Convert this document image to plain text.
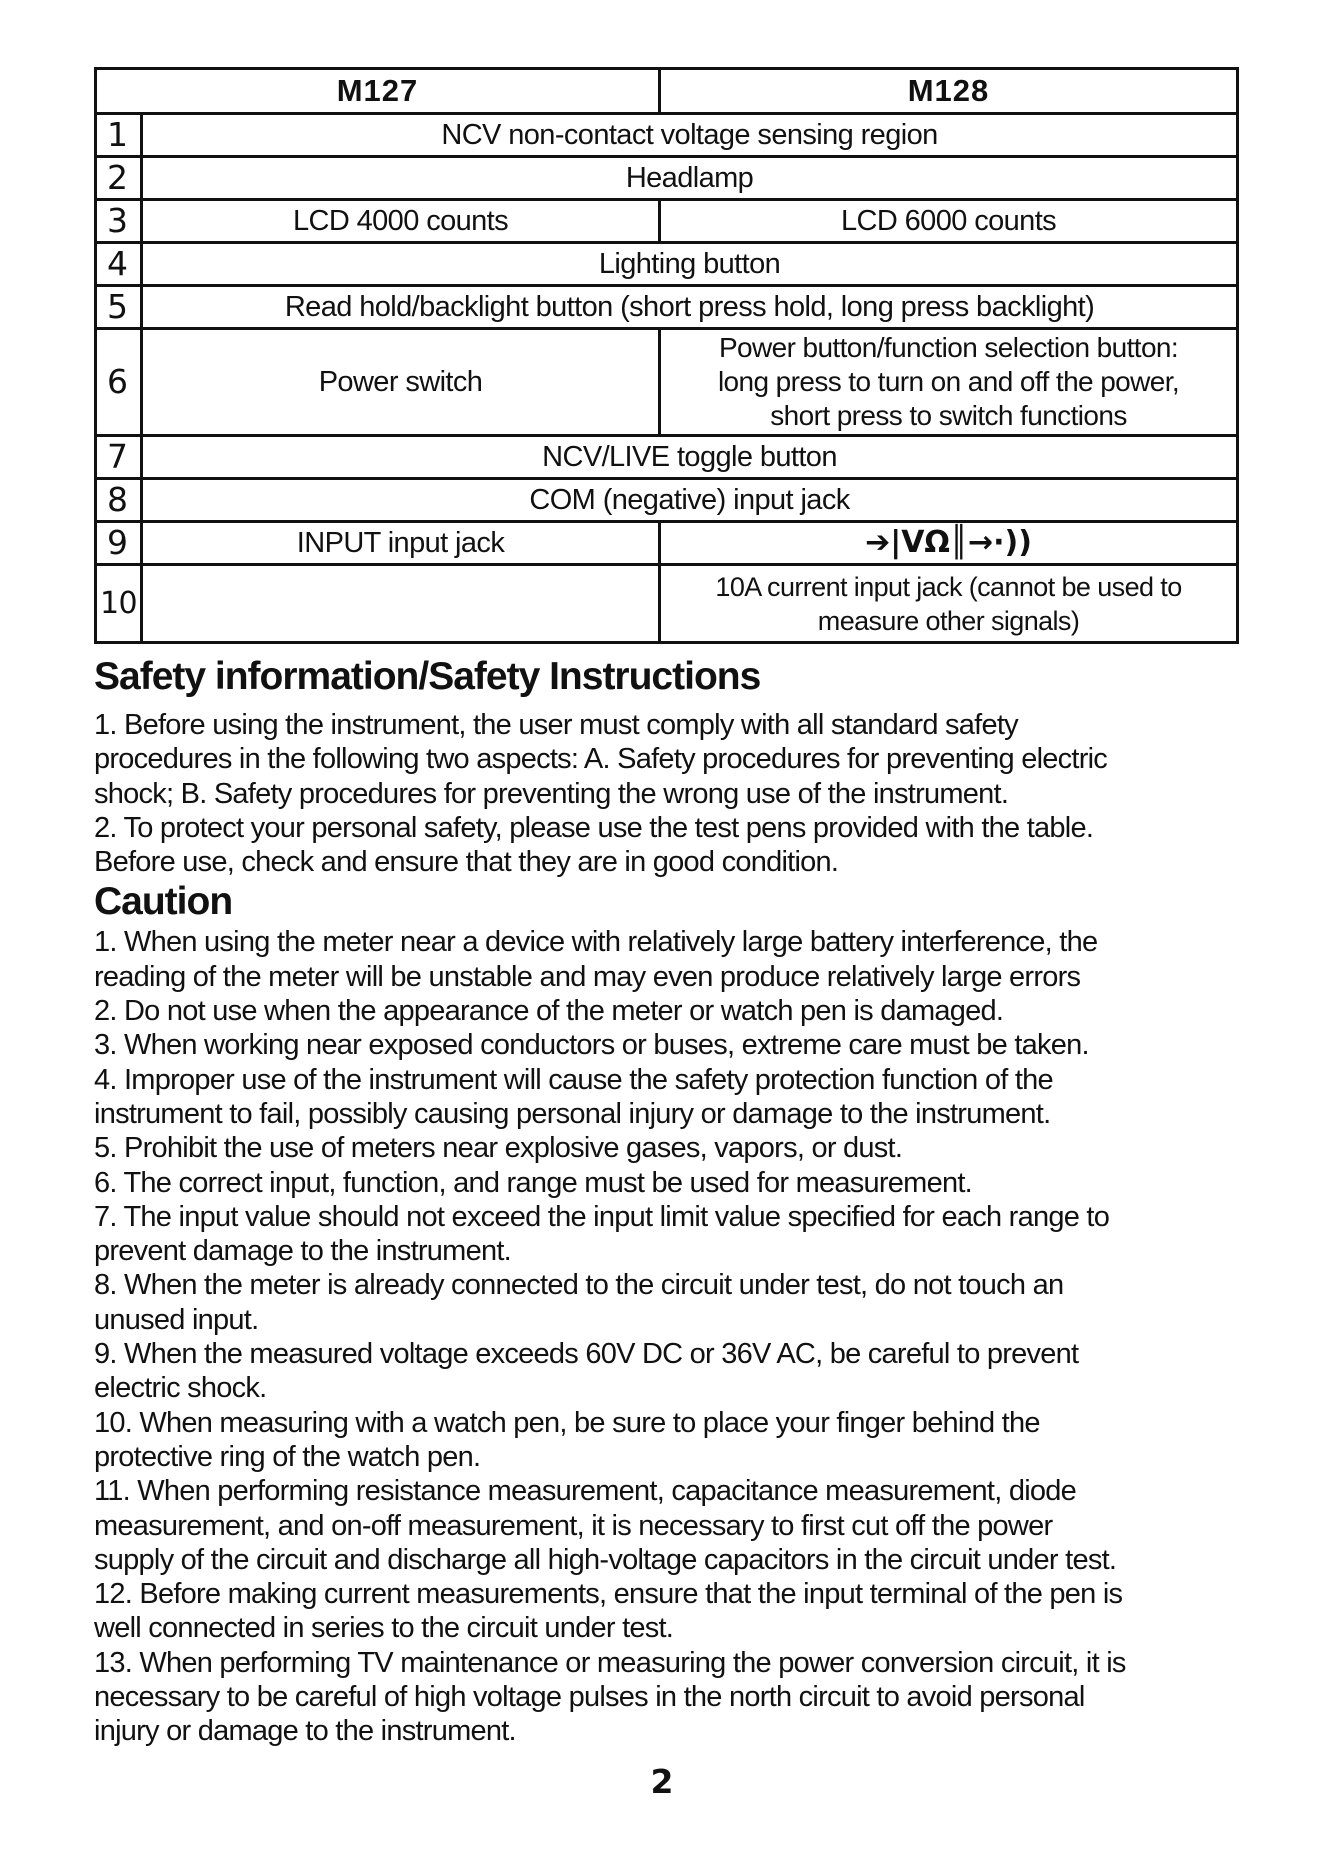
M127		M128
1	NCV non-contact voltage sensing region	
2	Headlamp	
3	LCD 4000 counts	LCD 6000 counts
4	Lighting button	
5	Read hold/backlight button (short press hold, long press backlight)	
6	Power switch	Power button/function selection button:
long press to turn on and off the power,
short press to switch functions

7	NCV/LIVE toggle button	
8	COM (negative) input jack	
9	INPUT input jack	➔|VΩ║→·))
10		10A current input jack (cannot be used to
measure other signals)
Safety information/Safety Instructions

1. Before using the instrument, the user must comply with all standard safety

procedures in the following two aspects: A. Safety procedures for preventing electric

shock; B. Safety procedures for preventing the wrong use of the instrument.

2. To protect your personal safety, please use the test pens provided with the table.

Before use, check and ensure that they are in good condition.

Caution

1. When using the meter near a device with relatively large battery interference, the

reading of the meter will be unstable and may even produce relatively large errors

2. Do not use when the appearance of the meter or watch pen is damaged.

3. When working near exposed conductors or buses, extreme care must be taken.

4. Improper use of the instrument will cause the safety protection function of the

instrument to fail, possibly causing personal injury or damage to the instrument.

5. Prohibit the use of meters near explosive gases, vapors, or dust.

6. The correct input, function, and range must be used for measurement.

7. The input value should not exceed the input limit value specified for each range to

prevent damage to the instrument.

8. When the meter is already connected to the circuit under test, do not touch an

unused input.

9. When the measured voltage exceeds 60V DC or 36V AC, be careful to prevent

electric shock.

10. When measuring with a watch pen, be sure to place your finger behind the

protective ring of the watch pen.

11. When performing resistance measurement, capacitance measurement, diode

measurement, and on-off measurement, it is necessary to first cut off the power

supply of the circuit and discharge all high-voltage capacitors in the circuit under test.

12. Before making current measurements, ensure that the input terminal of the pen is

well connected in series to the circuit under test.

13. When performing TV maintenance or measuring the power conversion circuit, it is

necessary to be careful of high voltage pulses in the north circuit to avoid personal

injury or damage to the instrument.

2
